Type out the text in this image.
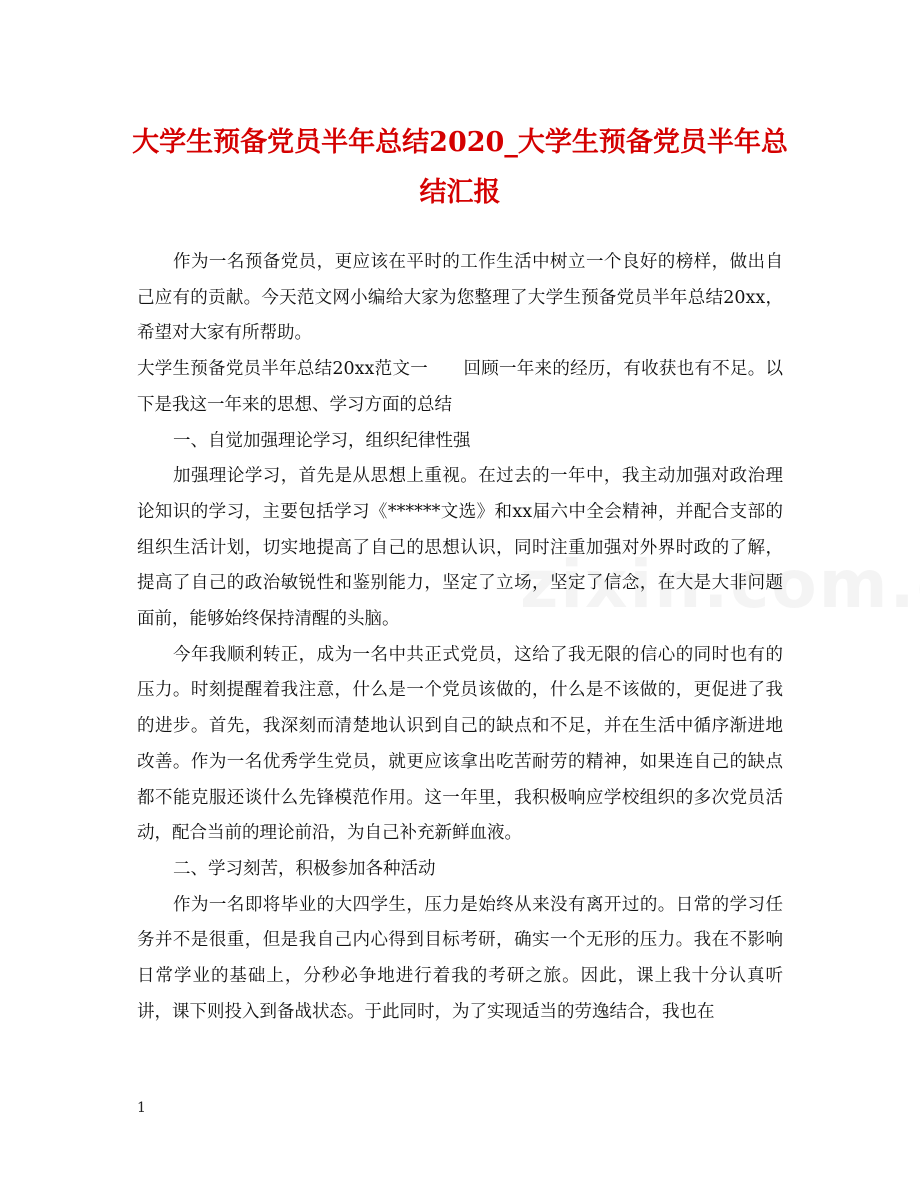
大学生预备党员半年总结2020_大学生预备党员半年总结汇报

作为一名预备党员，更应该在平时的工作生活中树立一个良好的榜样，做出自己应有的贡献。今天范文网小编给大家为您整理了大学生预备党员半年总结20xx，希望对大家有所帮助。

大学生预备党员半年总结20xx范文一　　回顾一年来的经历，有收获也有不足。以下是我这一年来的思想、学习方面的总结

一、自觉加强理论学习，组织纪律性强

加强理论学习，首先是从思想上重视。在过去的一年中，我主动加强对政治理论知识的学习，主要包括学习《******文选》和xx届六中全会精神，并配合支部的组织生活计划，切实地提高了自己的思想认识，同时注重加强对外界时政的了解，提高了自己的政治敏锐性和鉴别能力，坚定了立场，坚定了信念，在大是大非问题面前，能够始终保持清醒的头脑。

今年我顺利转正，成为一名中共正式党员，这给了我无限的信心的同时也有的压力。时刻提醒着我注意，什么是一个党员该做的，什么是不该做的，更促进了我的进步。首先，我深刻而清楚地认识到自己的缺点和不足，并在生活中循序渐进地改善。作为一名优秀学生党员，就更应该拿出吃苦耐劳的精神，如果连自己的缺点都不能克服还谈什么先锋模范作用。这一年里，我积极响应学校组织的多次党员活动，配合当前的理论前沿，为自己补充新鲜血液。

二、学习刻苦，积极参加各种活动

作为一名即将毕业的大四学生，压力是始终从来没有离开过的。日常的学习任务并不是很重，但是我自己内心得到目标考研，确实一个无形的压力。我在不影响日常学业的基础上，分秒必争地进行着我的考研之旅。因此，课上我十分认真听讲，课下则投入到备战状态。于此同时，为了实现适当的劳逸结合，我也在

1
